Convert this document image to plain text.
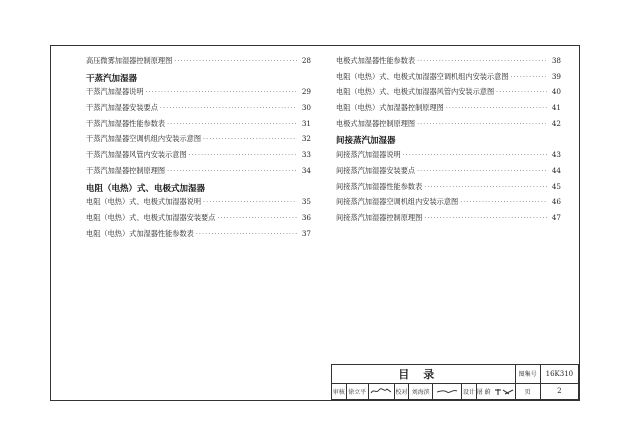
高压微雾加湿器控制原理图 ·····	28
干蒸汽加湿器
干蒸汽加湿器说明 ·····	29
干蒸汽加湿器安装要点 ·····	30
干蒸汽加湿器性能参数表 ·····	31
干蒸汽加湿器空调机组内安装示意图 ·····	32
干蒸汽加湿器风管内安装示意图 ·····	33
干蒸汽加湿器控制原理图 ·····	34
电阻（电热）式、电极式加湿器
电阻（电热）式、电极式加湿器说明 ·····	35
电阻（电热）式、电极式加湿器安装要点 ·····	36
电阻（电热）式加湿器性能参数表 ·····	37
电极式加湿器性能参数表 ·····	38
电阻（电热）式、电极式加湿器空调机组内安装示意图 ·····	39
电阻（电热）式、电极式加湿器风管内安装示意图 ·····	40
电阻（电热）式加湿器控制原理图 ·····	41
电极式加湿器控制原理图 ·····	42
间接蒸汽加湿器
间接蒸汽加湿器说明 ·····	43
间接蒸汽加湿器安装要点 ·····	44
间接蒸汽加湿器性能参数表 ·····	45
间接蒸汽加湿器空调机组内安装示意图 ·····	46
间接蒸汽加湿器控制原理图 ·····	47
目录								图集号	16K310
审核	徐立平		校对	刘海滨		设计	屠 蔚	页	2
